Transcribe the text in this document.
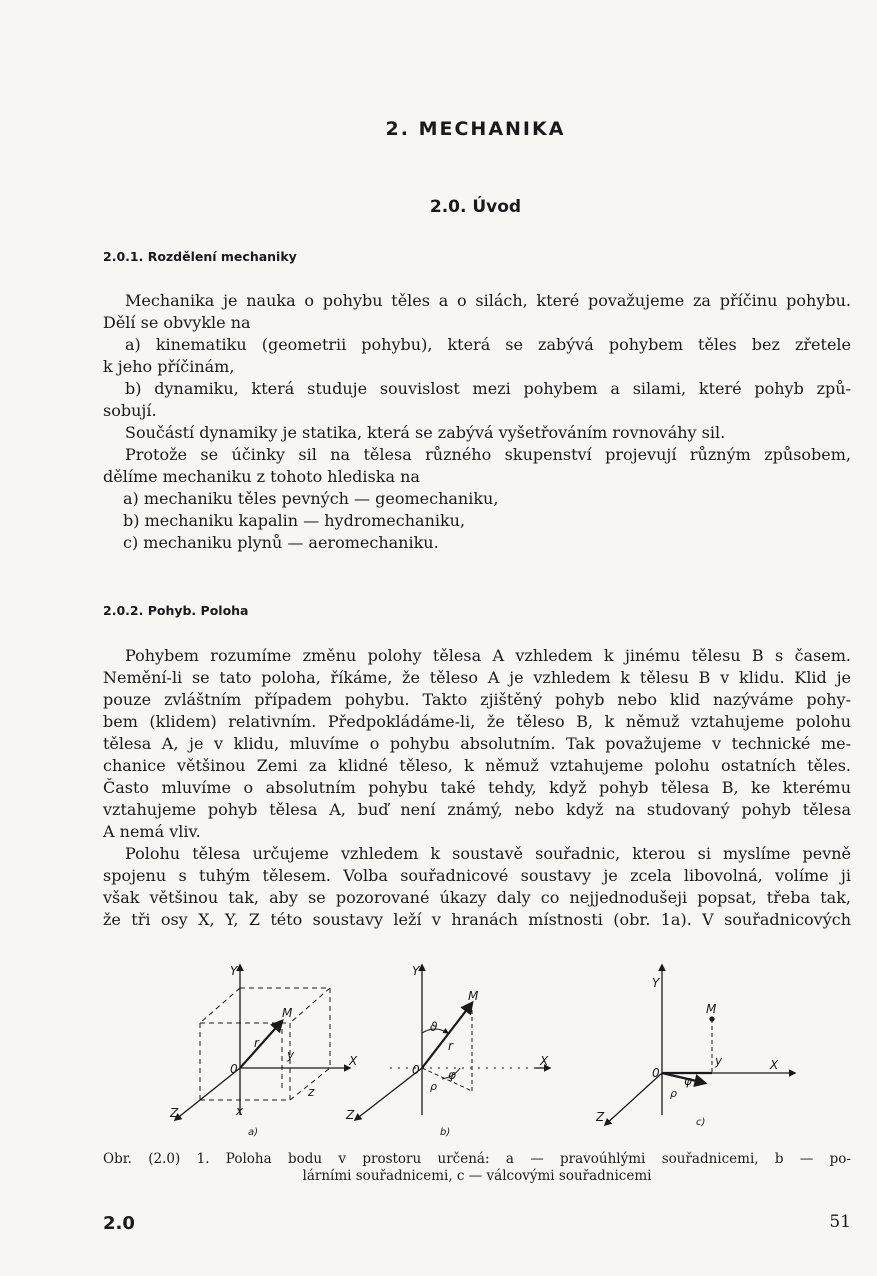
2. MECHANIKA
2.0. Úvod
2.0.1. Rozdělení mechaniky
Mechanika je nauka o pohybu těles a o silách, které považujeme za příčinu pohybu.
Dělí se obvykle na
a) kinematiku (geometrii pohybu), která se zabývá pohybem těles bez zřetele
k jeho příčinám,
b) dynamiku, která studuje souvislost mezi pohybem a silami, které pohyb způ-
sobují.
Součástí dynamiky je statika, která se zabývá vyšetřováním rovnováhy sil.
Protože se účinky sil na tělesa různého skupenství projevují různým způsobem,
dělíme mechaniku z tohoto hlediska na
a) mechaniku těles pevných — geomechaniku,
b) mechaniku kapalin — hydromechaniku,
c) mechaniku plynů — aeromechaniku.
2.0.2. Pohyb. Poloha
Pohybem rozumíme změnu polohy tělesa A vzhledem k jinému tělesu B s časem.
Nemění-li se tato poloha, říkáme, že těleso A je vzhledem k tělesu B v klidu. Klid je
pouze zvláštním případem pohybu. Takto zjištěný pohyb nebo klid nazýváme pohy-
bem (klidem) relativním. Předpokládáme-li, že těleso B, k němuž vztahujeme polohu
tělesa A, je v klidu, mluvíme o pohybu absolutním. Tak považujeme v technické me-
chanice většinou Zemi za klidné těleso, k němuž vztahujeme polohu ostatních těles.
Často mluvíme o absolutním pohybu také tehdy, když pohyb tělesa B, ke kterému
vztahujeme pohyb tělesa A, buď není známý, nebo když na studovaný pohyb tělesa
A nemá vliv.
Polohu tělesa určujeme vzhledem k soustavě souřadnic, kterou si myslíme pevně
spojenu s tuhým tělesem. Volba souřadnicové soustavy je zcela libovolná, volíme ji
však většinou tak, aby se pozorované úkazy daly co nejjednodušeji popsat, třeba tak,
že tři osy X, Y, Z této soustavy leží v hranách místnosti (obr. 1a). V souřadnicových
Y
X
Z
M
0
r
y
z
x
a)
Y
X
Z
M
0
r
ϑ
φ
ρ
b)
Y
X
Z
M
0
y
φ
ρ
c)
Obr. (2.0) 1. Poloha bodu v prostoru určená: a — pravoúhlými souřadnicemi, b — po-
lárními souřadnicemi, c — válcovými souřadnicemi
2.0	51
